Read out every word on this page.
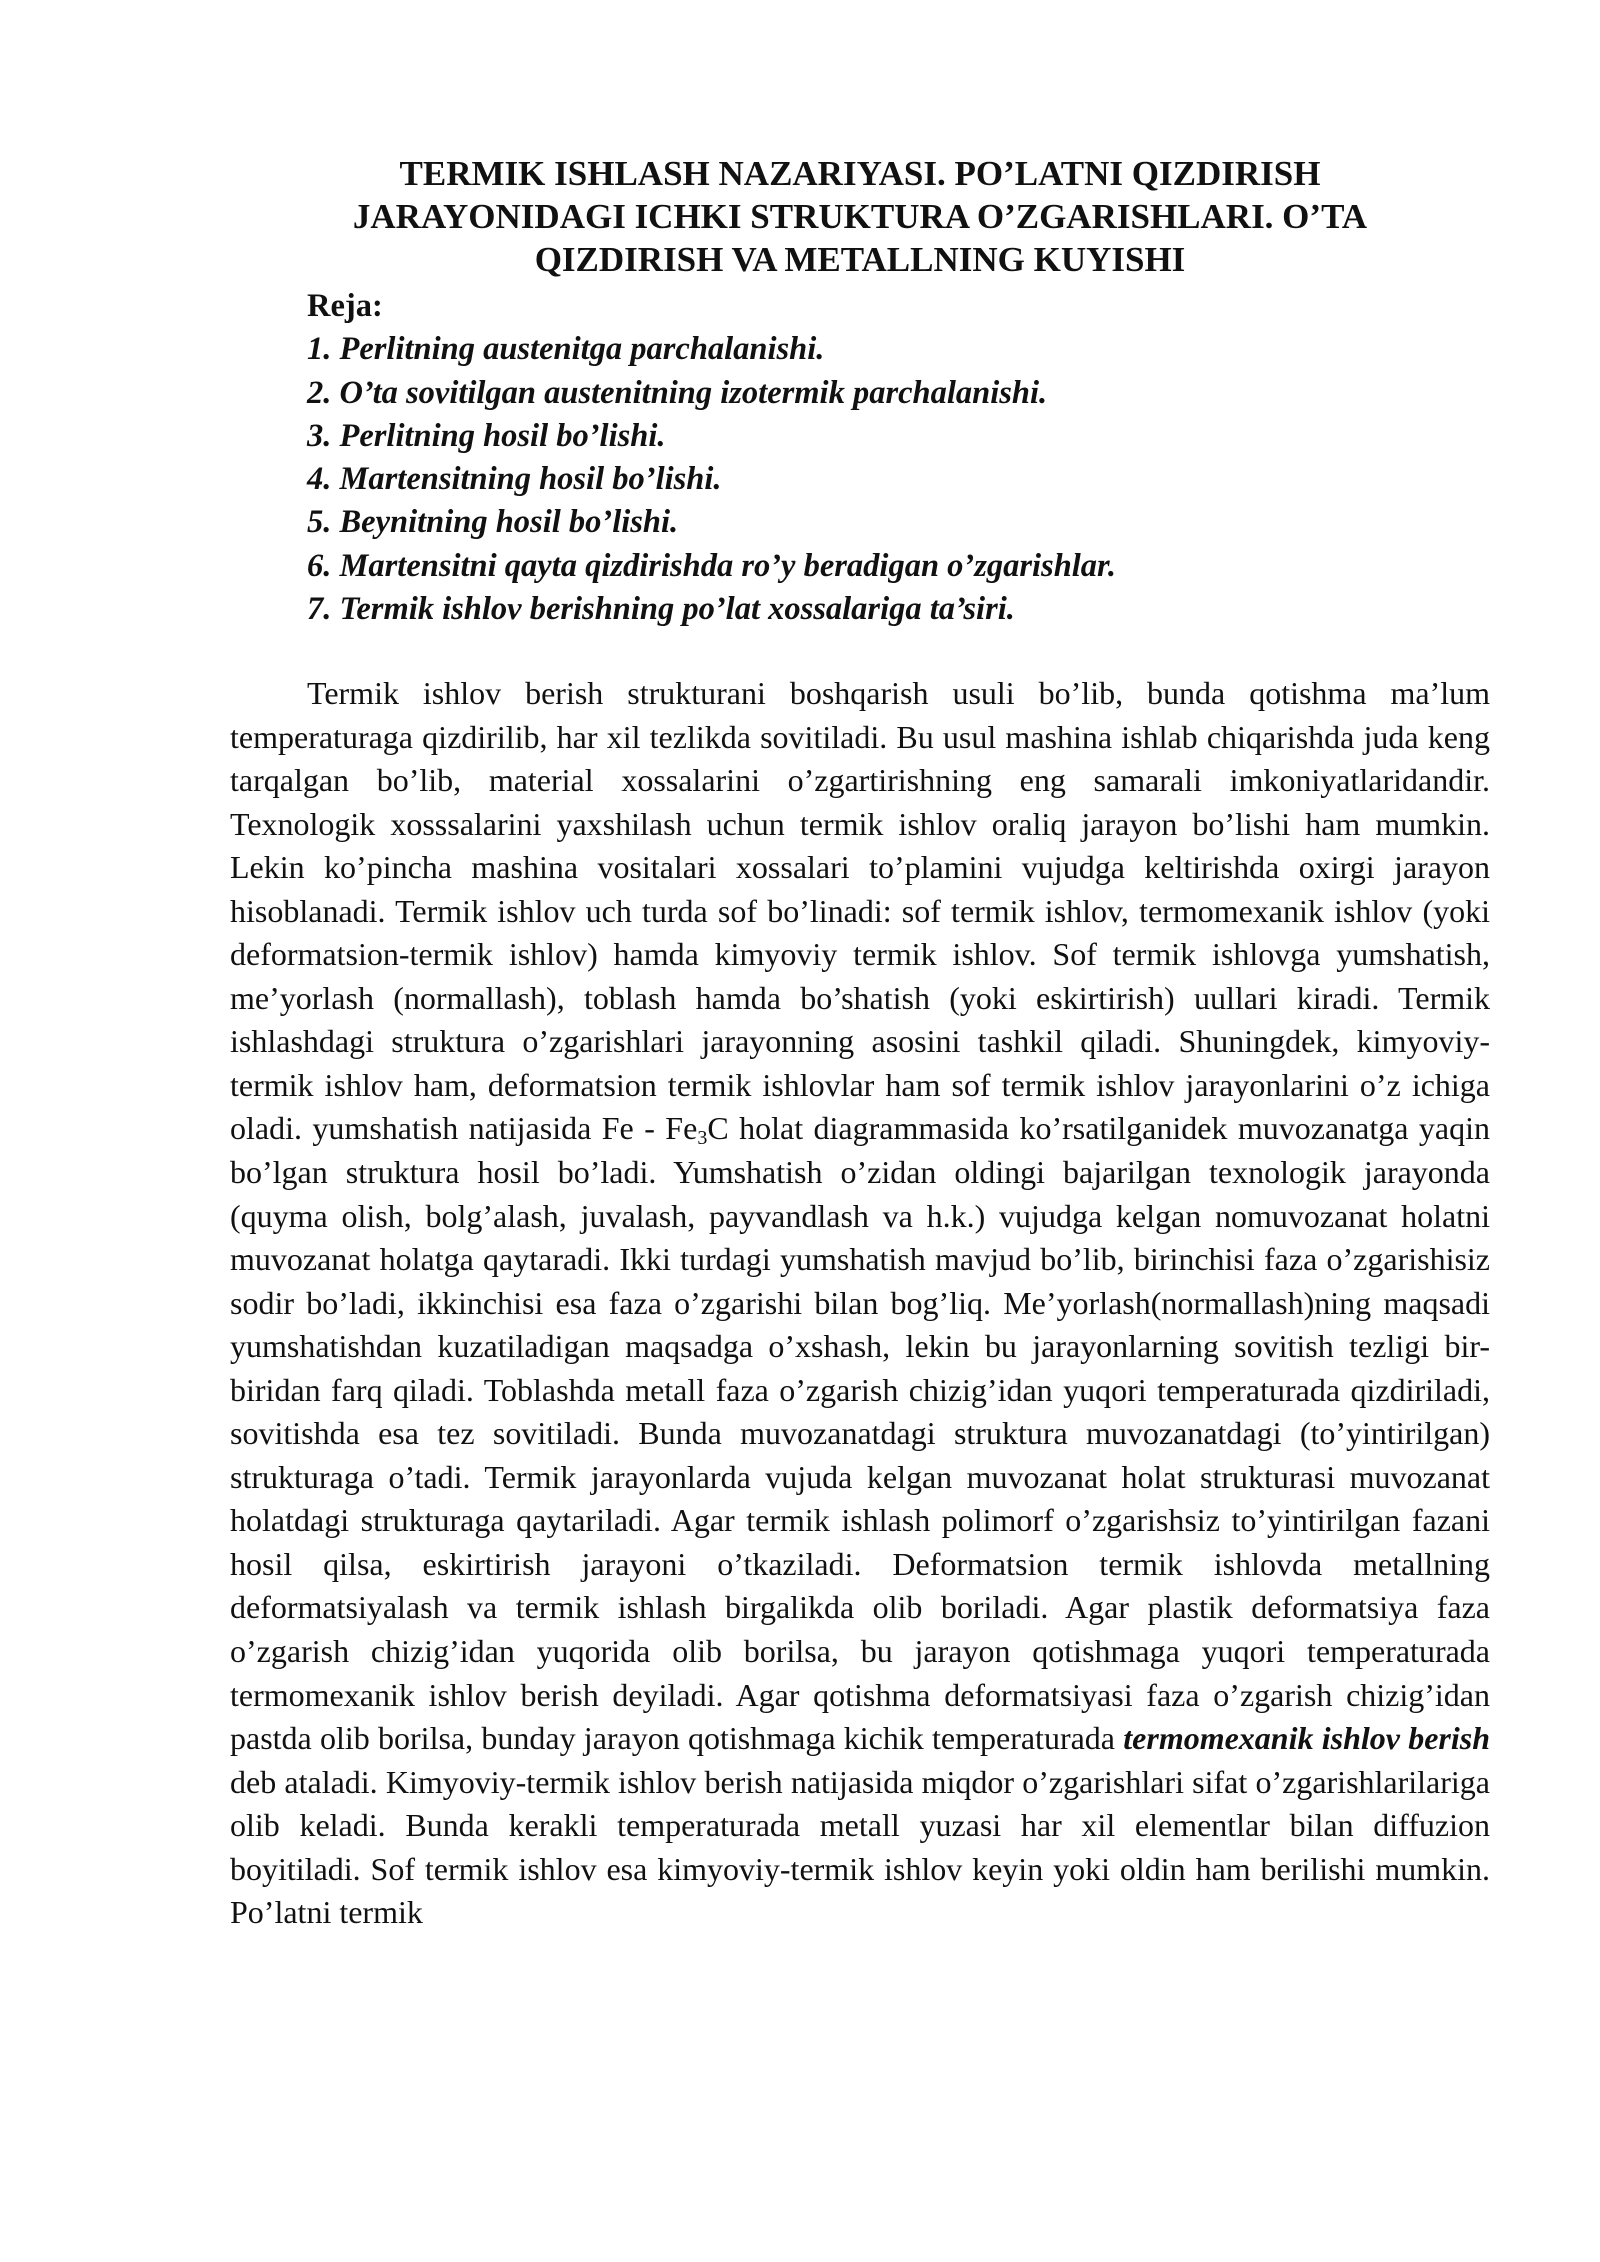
TERMIK ISHLASH NAZARIYASI. PO’LATNI QIZDIRISH
JARAYONIDAGI ICHKI STRUKTURA O’ZGARISHLARI. O’TA
QIZDIRISH VA METALLNING KUYISHI
Reja:
1. Perlitning austenitga parchalanishi.
2. O’ta sovitilgan austenitning izotermik parchalanishi.
3. Perlitning hosil bo’lishi.
4. Martensitning hosil bo’lishi.
5. Beynitning hosil bo’lishi.
6. Martensitni qayta qizdirishda ro’y beradigan o’zgarishlar.
7. Termik ishlov berishning po’lat xossalariga ta’siri.

Termik ishlov berish strukturani boshqarish usuli bo’lib, bunda qotishma ma’lum temperaturaga qizdirilib, har xil tezlikda sovitiladi. Bu usul mashina ishlab chiqarishda juda keng tarqalgan bo’lib, material xossalarini o’zgartirishning eng samarali imkoniyatlaridandir. Texnologik xosssalarini yaxshilash uchun termik ishlov oraliq jarayon bo’lishi ham mumkin. Lekin ko’pincha mashina vositalari xossalari to’plamini vujudga keltirishda oxirgi jarayon hisoblanadi. Termik ishlov uch turda sof bo’linadi: sof termik ishlov, termomexanik ishlov (yoki deformatsion-termik ishlov) hamda kimyoviy termik ishlov. Sof termik ishlovga yumshatish, me’yorlash (normallash), toblash hamda bo’shatish (yoki eskirtirish) uullari kiradi. Termik ishlashdagi struktura o’zgarishlari jarayonning asosini tashkil qiladi. Shuningdek, kimyoviy-termik ishlov ham, deformatsion termik ishlovlar ham sof termik ishlov jarayonlarini o’z ichiga oladi. yumshatish natijasida Fe - $Fe_3C$ holat diagrammasida ko’rsatilganidek muvozanatga yaqin bo’lgan struktura hosil bo’ladi. Yumshatish o’zidan oldingi bajarilgan texnologik jarayonda (quyma olish, bolg’alash, juvalash, payvandlash va h.k.) vujudga kelgan nomuvozanat holatni muvozanat holatga qaytaradi. Ikki turdagi yumshatish mavjud bo’lib, birinchisi faza o’zgarishisiz sodir bo’ladi, ikkinchisi esa faza o’zgarishi bilan bog’liq. Me’yorlash(normallash)ning maqsadi yumshatishdan kuzatiladigan maqsadga o’xshash, lekin bu jarayonlarning sovitish tezligi bir-biridan farq qiladi. Toblashda metall faza o’zgarish chizig’idan yuqori temperaturada qizdiriladi, sovitishda esa tez sovitiladi. Bunda muvozanatdagi struktura muvozanatdagi (to’yintirilgan) strukturaga o’tadi. Termik jarayonlarda vujuda kelgan muvozanat holat strukturasi muvozanat holatdagi strukturaga qaytariladi. Agar termik ishlash polimorf o’zgarishsiz to’yintirilgan fazani hosil qilsa, eskirtirish jarayoni o’tkaziladi. Deformatsion termik ishlovda metallning deformatsiyalash va termik ishlash birgalikda olib boriladi. Agar plastik deformatsiya faza o’zgarish chizig’idan yuqorida olib borilsa, bu jarayon qotishmaga yuqori temperaturada termomexanik ishlov berish deyiladi. Agar qotishma deformatsiyasi faza o’zgarish chizig’idan pastda olib borilsa, bunday jarayon qotishmaga kichik temperaturada termomexanik ishlov berish deb ataladi. Kimyoviy-termik ishlov berish natijasida miqdor o’zgarishlari sifat o’zgarishlarilariga olib keladi. Bunda kerakli temperaturada metall yuzasi har xil elementlar bilan diffuzion boyitiladi. Sof termik ishlov esa kimyoviy-termik ishlov keyin yoki oldin ham berilishi mumkin. Po’latni termik
